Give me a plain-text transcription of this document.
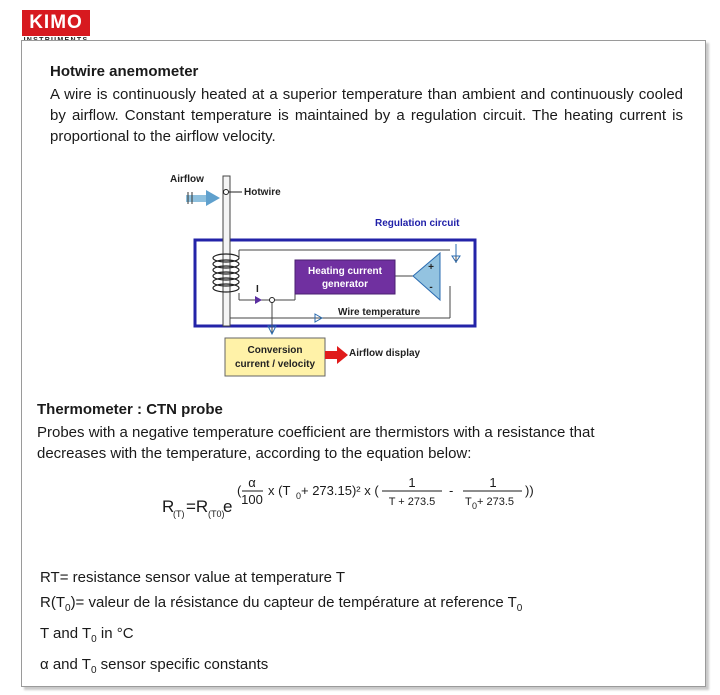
KIMO
Hotwire anemometer
A wire is continuously heated at a superior temperature than ambient and continuously cooled by airflow. Constant temperature is maintained by a regulation circuit. The heating current is proportional to the airflow velocity.
Heating current
generator
+
-
Airflow
Hotwire
Regulation circuit
I
Wire temperature
Conversion
current / velocity
Airflow display
Thermometer : CTN probe
Probes with a negative temperature coefficient are thermistors with a resistance that decreases with the temperature, according to the equation below:
R
(T) =R (T0)
e
(
α
100
x (T 0 + 273.15)² x (
1
T + 273.5
-
1
T 0 + 273.5
))
RT= resistance sensor value at temperature T
$R(T_0)=$ valeur de la résistance du capteur de température at reference $T_0$
T and $T_0$ in °C
α and $T_0$ sensor specific constants
